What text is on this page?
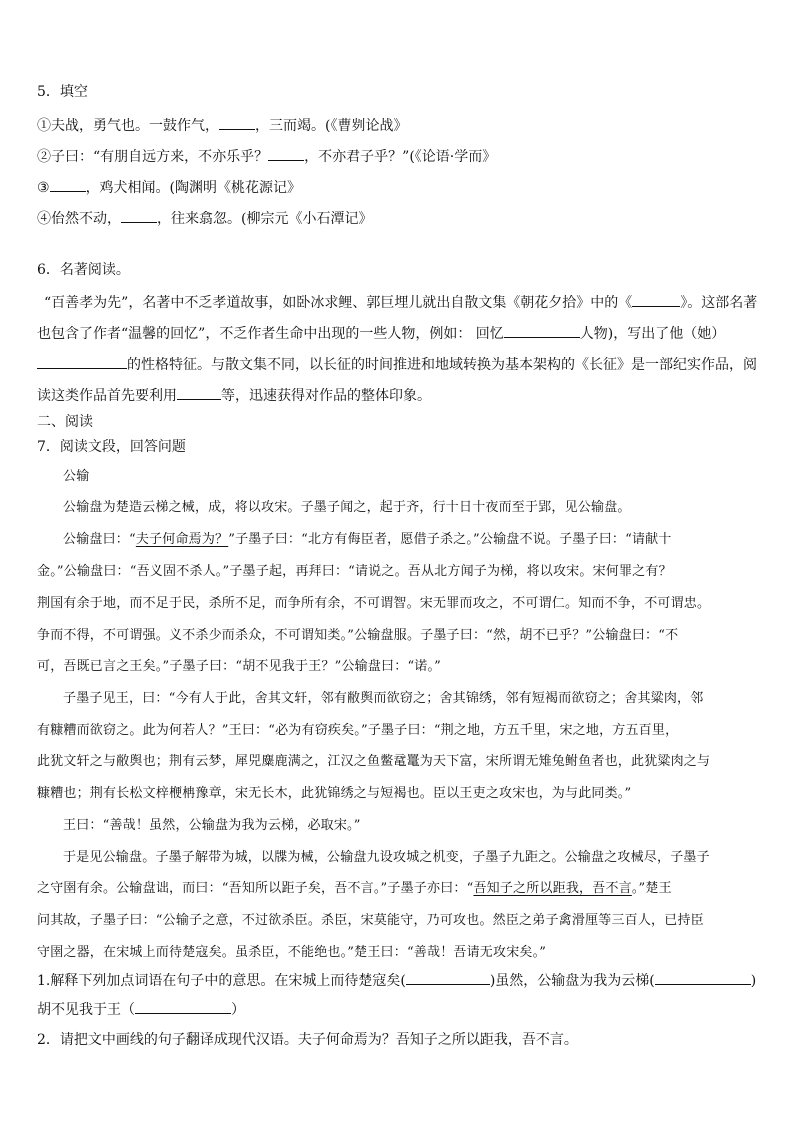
5．填空
①夫战，勇气也。一鼓作气，	，三而竭。(《曹刿论战》
②子曰：“有朋自远方来，不亦乐乎？	，不亦君子乎？”(《论语·学而》
③	，鸡犬相闻。(陶渊明《桃花源记》
④佁然不动，	，往来翕忽。(柳宗元《小石潭记》
6．名著阅读。
“百善孝为先”，名著中不乏孝道故事，如卧冰求鲤、郭巨埋儿就出自散文集《朝花夕拾》中的《	》。这部名著
也包含了作者“温馨的回忆”，不乏作者生命中出现的一些人物，例如： 回忆	人物)，写出了他（她）
的性格特征。与散文集不同，以长征的时间推进和地域转换为基本架构的《长征》是一部纪实作品，阅
读这类作品首先要利用	等，迅速获得对作品的整体印象。
二、阅读
7．阅读文段，回答问题
公输
公输盘为楚造云梯之械，成，将以攻宋。子墨子闻之，起于齐，行十日十夜而至于郢，见公输盘。
公输盘曰：“夫子何命焉为？”子墨子曰：“北方有侮臣者，愿借子杀之。”公输盘不说。子墨子曰：“请献十
金。”公输盘曰：“吾义固不杀人。”子墨子起，再拜曰：“请说之。吾从北方闻子为梯，将以攻宋。宋何罪之有？
荆国有余于地，而不足于民，杀所不足，而争所有余，不可谓智。宋无罪而攻之，不可谓仁。知而不争，不可谓忠。
争而不得，不可谓强。义不杀少而杀众，不可谓知类。”公输盘服。子墨子曰：“然，胡不已乎？”公输盘曰：“不
可，吾既已言之王矣。”子墨子曰：“胡不见我于王？”公输盘曰：“诺。”
子墨子见王，曰：“今有人于此，舍其文轩，邻有敝舆而欲窃之；舍其锦绣，邻有短褐而欲窃之；舍其粱肉，邻
有糠糟而欲窃之。此为何若人？”王曰：“必为有窃疾矣。”子墨子曰：“荆之地，方五千里，宋之地，方五百里，
此犹文轩之与敝舆也；荆有云梦，犀兕麋鹿满之，江汉之鱼鳖鼋鼍为天下富，宋所谓无雉兔鲋鱼者也，此犹粱肉之与
糠糟也；荆有长松文梓楩柟豫章，宋无长木，此犹锦绣之与短褐也。臣以王吏之攻宋也，为与此同类。”
王曰：“善哉！虽然，公输盘为我为云梯，必取宋。”
于是见公输盘。子墨子解带为城，以牒为械，公输盘九设攻城之机变，子墨子九距之。公输盘之攻械尽，子墨子
之守圉有余。公输盘诎，而曰：“吾知所以距子矣，吾不言。”子墨子亦曰：“吾知子之所以距我，吾不言。”楚王
问其故，子墨子曰：“公输子之意，不过欲杀臣。杀臣，宋莫能守，乃可攻也。然臣之弟子禽滑厘等三百人，已持臣
守圉之器，在宋城上而待楚寇矣。虽杀臣，不能绝也。”楚王曰：“善哉！吾请无攻宋矣。”
1.解释下列加点词语在句子中的意思。在宋城上而待楚寇矣(	)虽然，公输盘为我为云梯(	)
胡不见我于王（	）
2．请把文中画线的句子翻译成现代汉语。夫子何命焉为？吾知子之所以距我，吾不言。
